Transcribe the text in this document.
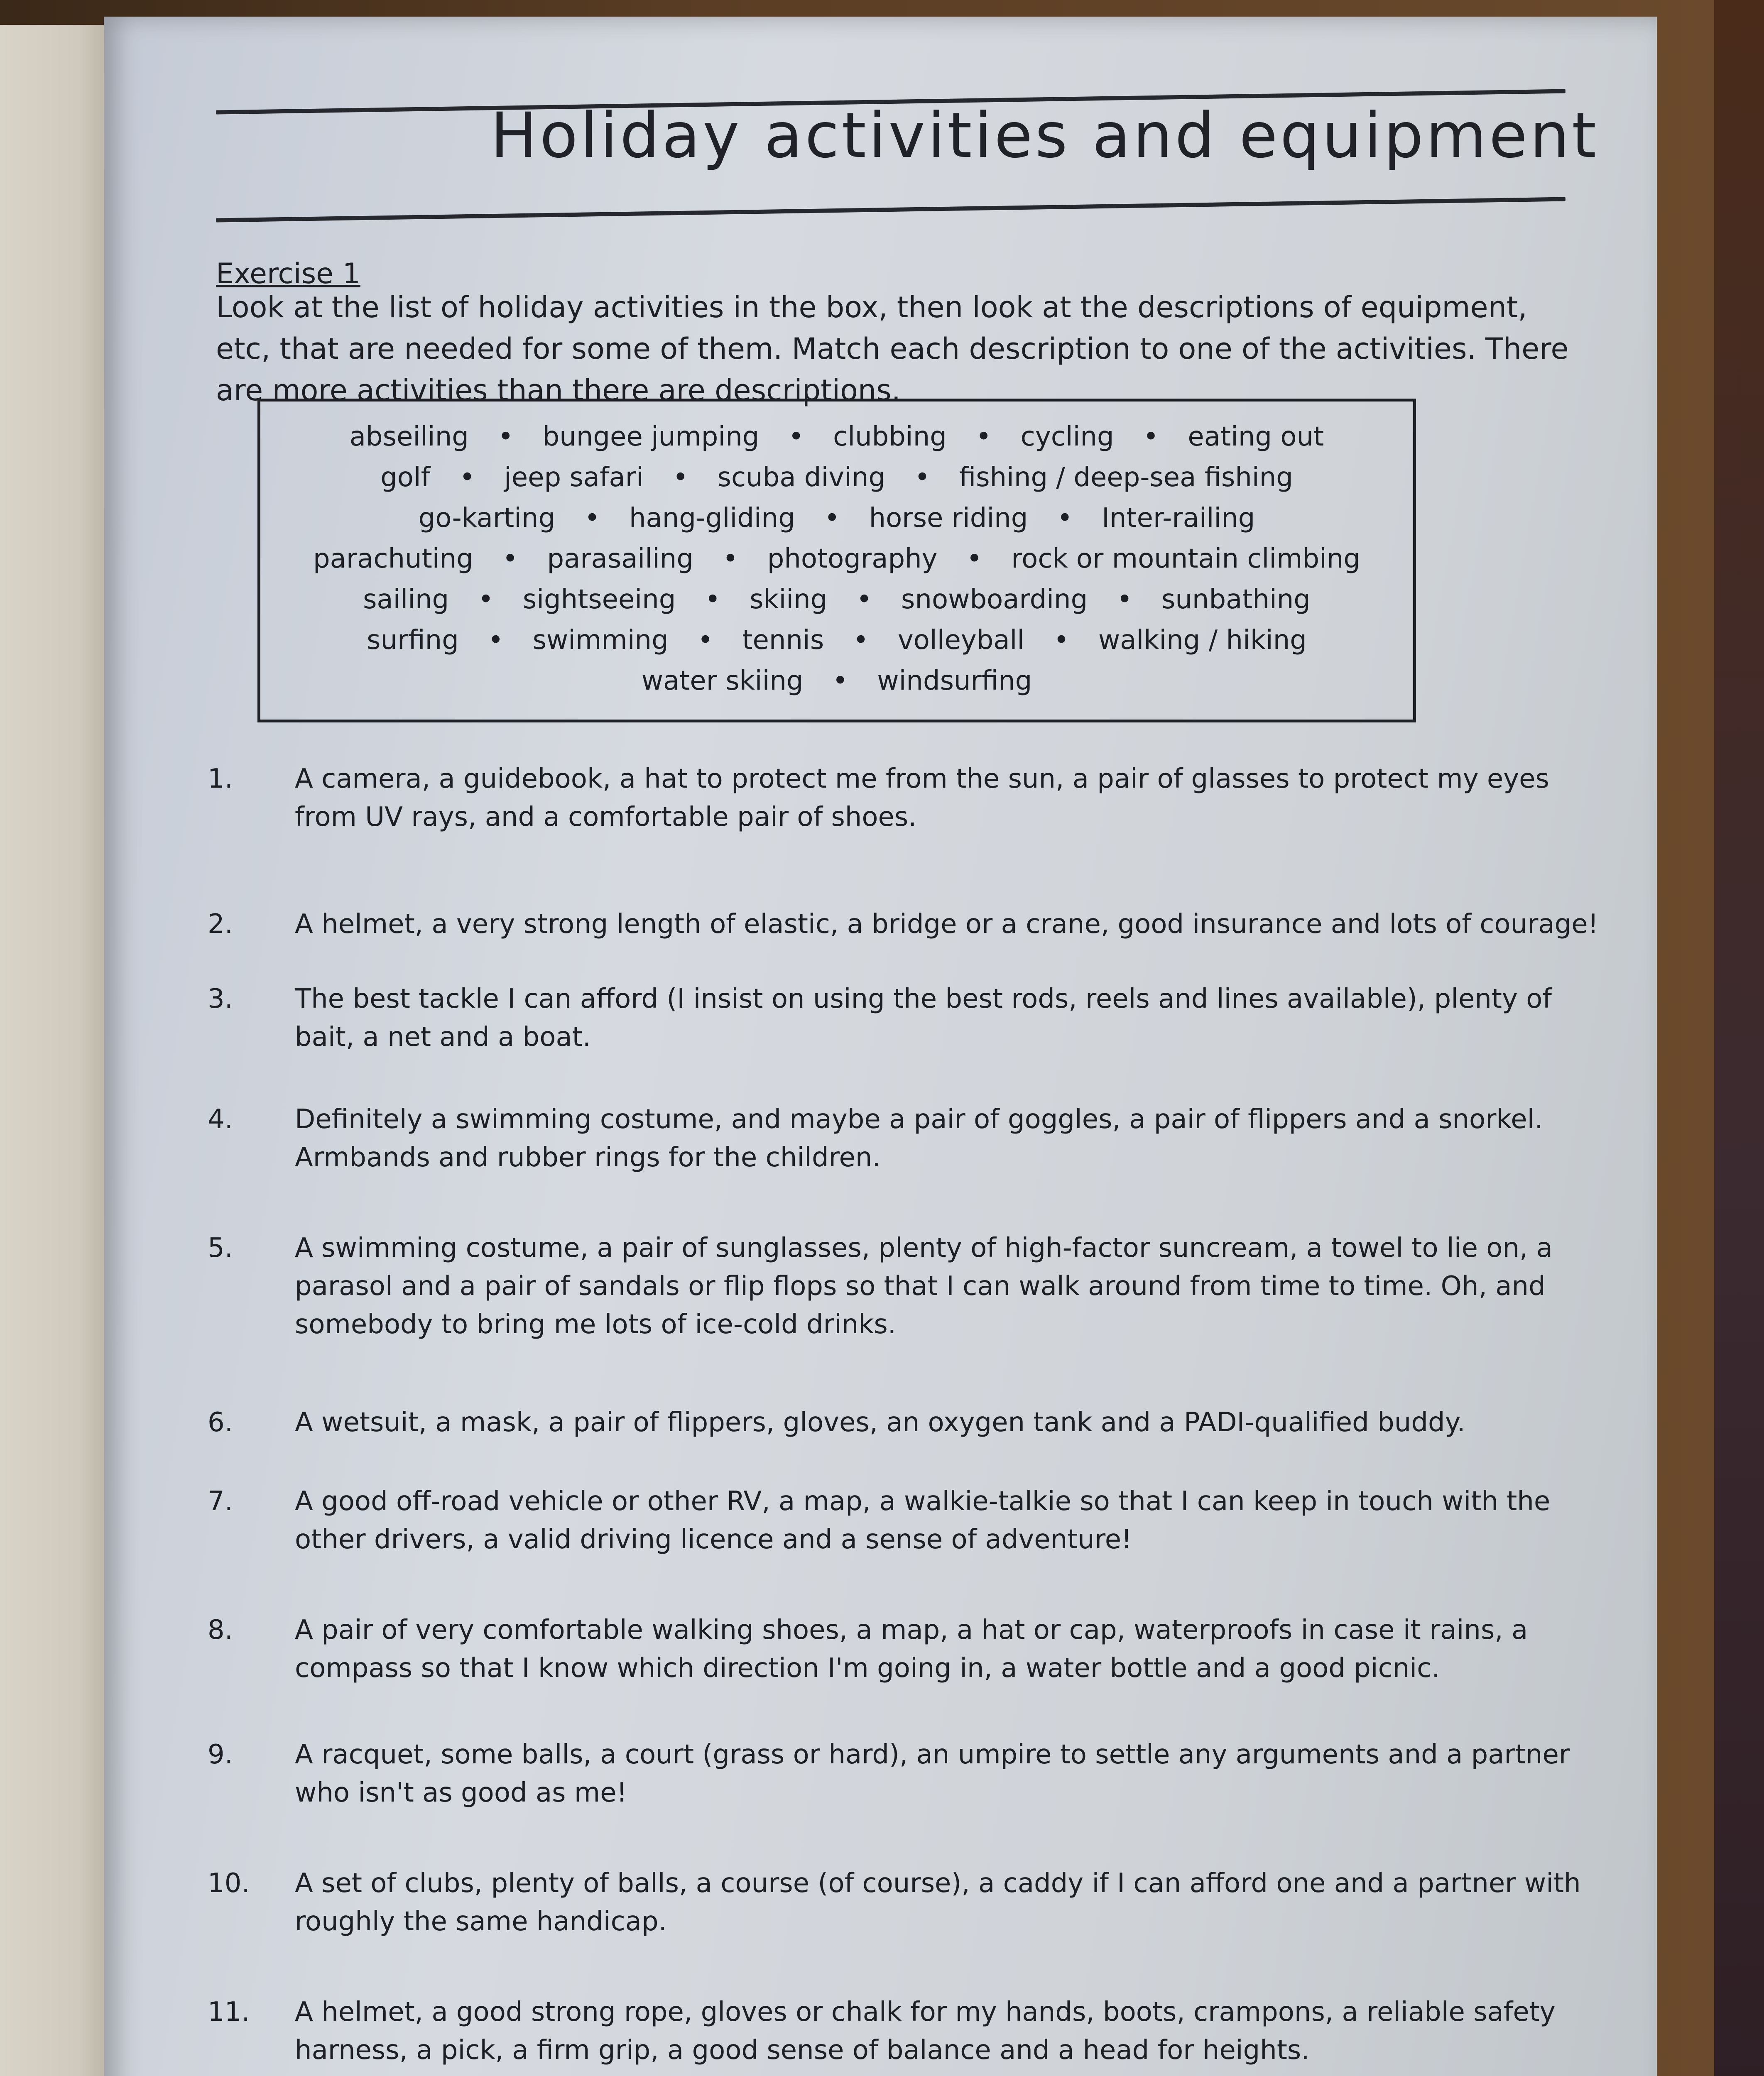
Holiday activities and equipment
Exercise 1
Look at the list of holiday activities in the box, then look at the descriptions of equipment, etc, that are needed for some of them. Match each description to one of the activities. There are more activities than there are descriptions.
abseiling • bungee jumping • clubbing • cycling • eating out
golf • jeep safari • scuba diving • fishing / deep-sea fishing
go-karting • hang-gliding • horse riding • Inter-railing
parachuting • parasailing • photography • rock or mountain climbing
sailing • sightseeing • skiing • snowboarding • sunbathing
surfing • swimming • tennis • volleyball • walking / hiking
water skiing • windsurfing
1.	A camera, a guidebook, a hat to protect me from the sun, a pair of glasses to protect my eyes from UV rays, and a comfortable pair of shoes.
2.	A helmet, a very strong length of elastic, a bridge or a crane, good insurance and lots of courage!
3.	The best tackle I can afford (I insist on using the best rods, reels and lines available), plenty of bait, a net and a boat.
4.	Definitely a swimming costume, and maybe a pair of goggles, a pair of flippers and a snorkel. Armbands and rubber rings for the children.
5.	A swimming costume, a pair of sunglasses, plenty of high-factor suncream, a towel to lie on, a parasol and a pair of sandals or flip flops so that I can walk around from time to time. Oh, and somebody to bring me lots of ice-cold drinks.
6.	A wetsuit, a mask, a pair of flippers, gloves, an oxygen tank and a PADI-qualified buddy.
7.	A good off-road vehicle or other RV, a map, a walkie-talkie so that I can keep in touch with the other drivers, a valid driving licence and a sense of adventure!
8.	A pair of very comfortable walking shoes, a map, a hat or cap, waterproofs in case it rains, a compass so that I know which direction I'm going in, a water bottle and a good picnic.
9.	A racquet, some balls, a court (grass or hard), an umpire to settle any arguments and a partner who isn't as good as me!
10.	A set of clubs, plenty of balls, a course (of course), a caddy if I can afford one and a partner with roughly the same handicap.
11.	A helmet, a good strong rope, gloves or chalk for my hands, boots, crampons, a reliable safety harness, a pick, a firm grip, a good sense of balance and a head for heights.
